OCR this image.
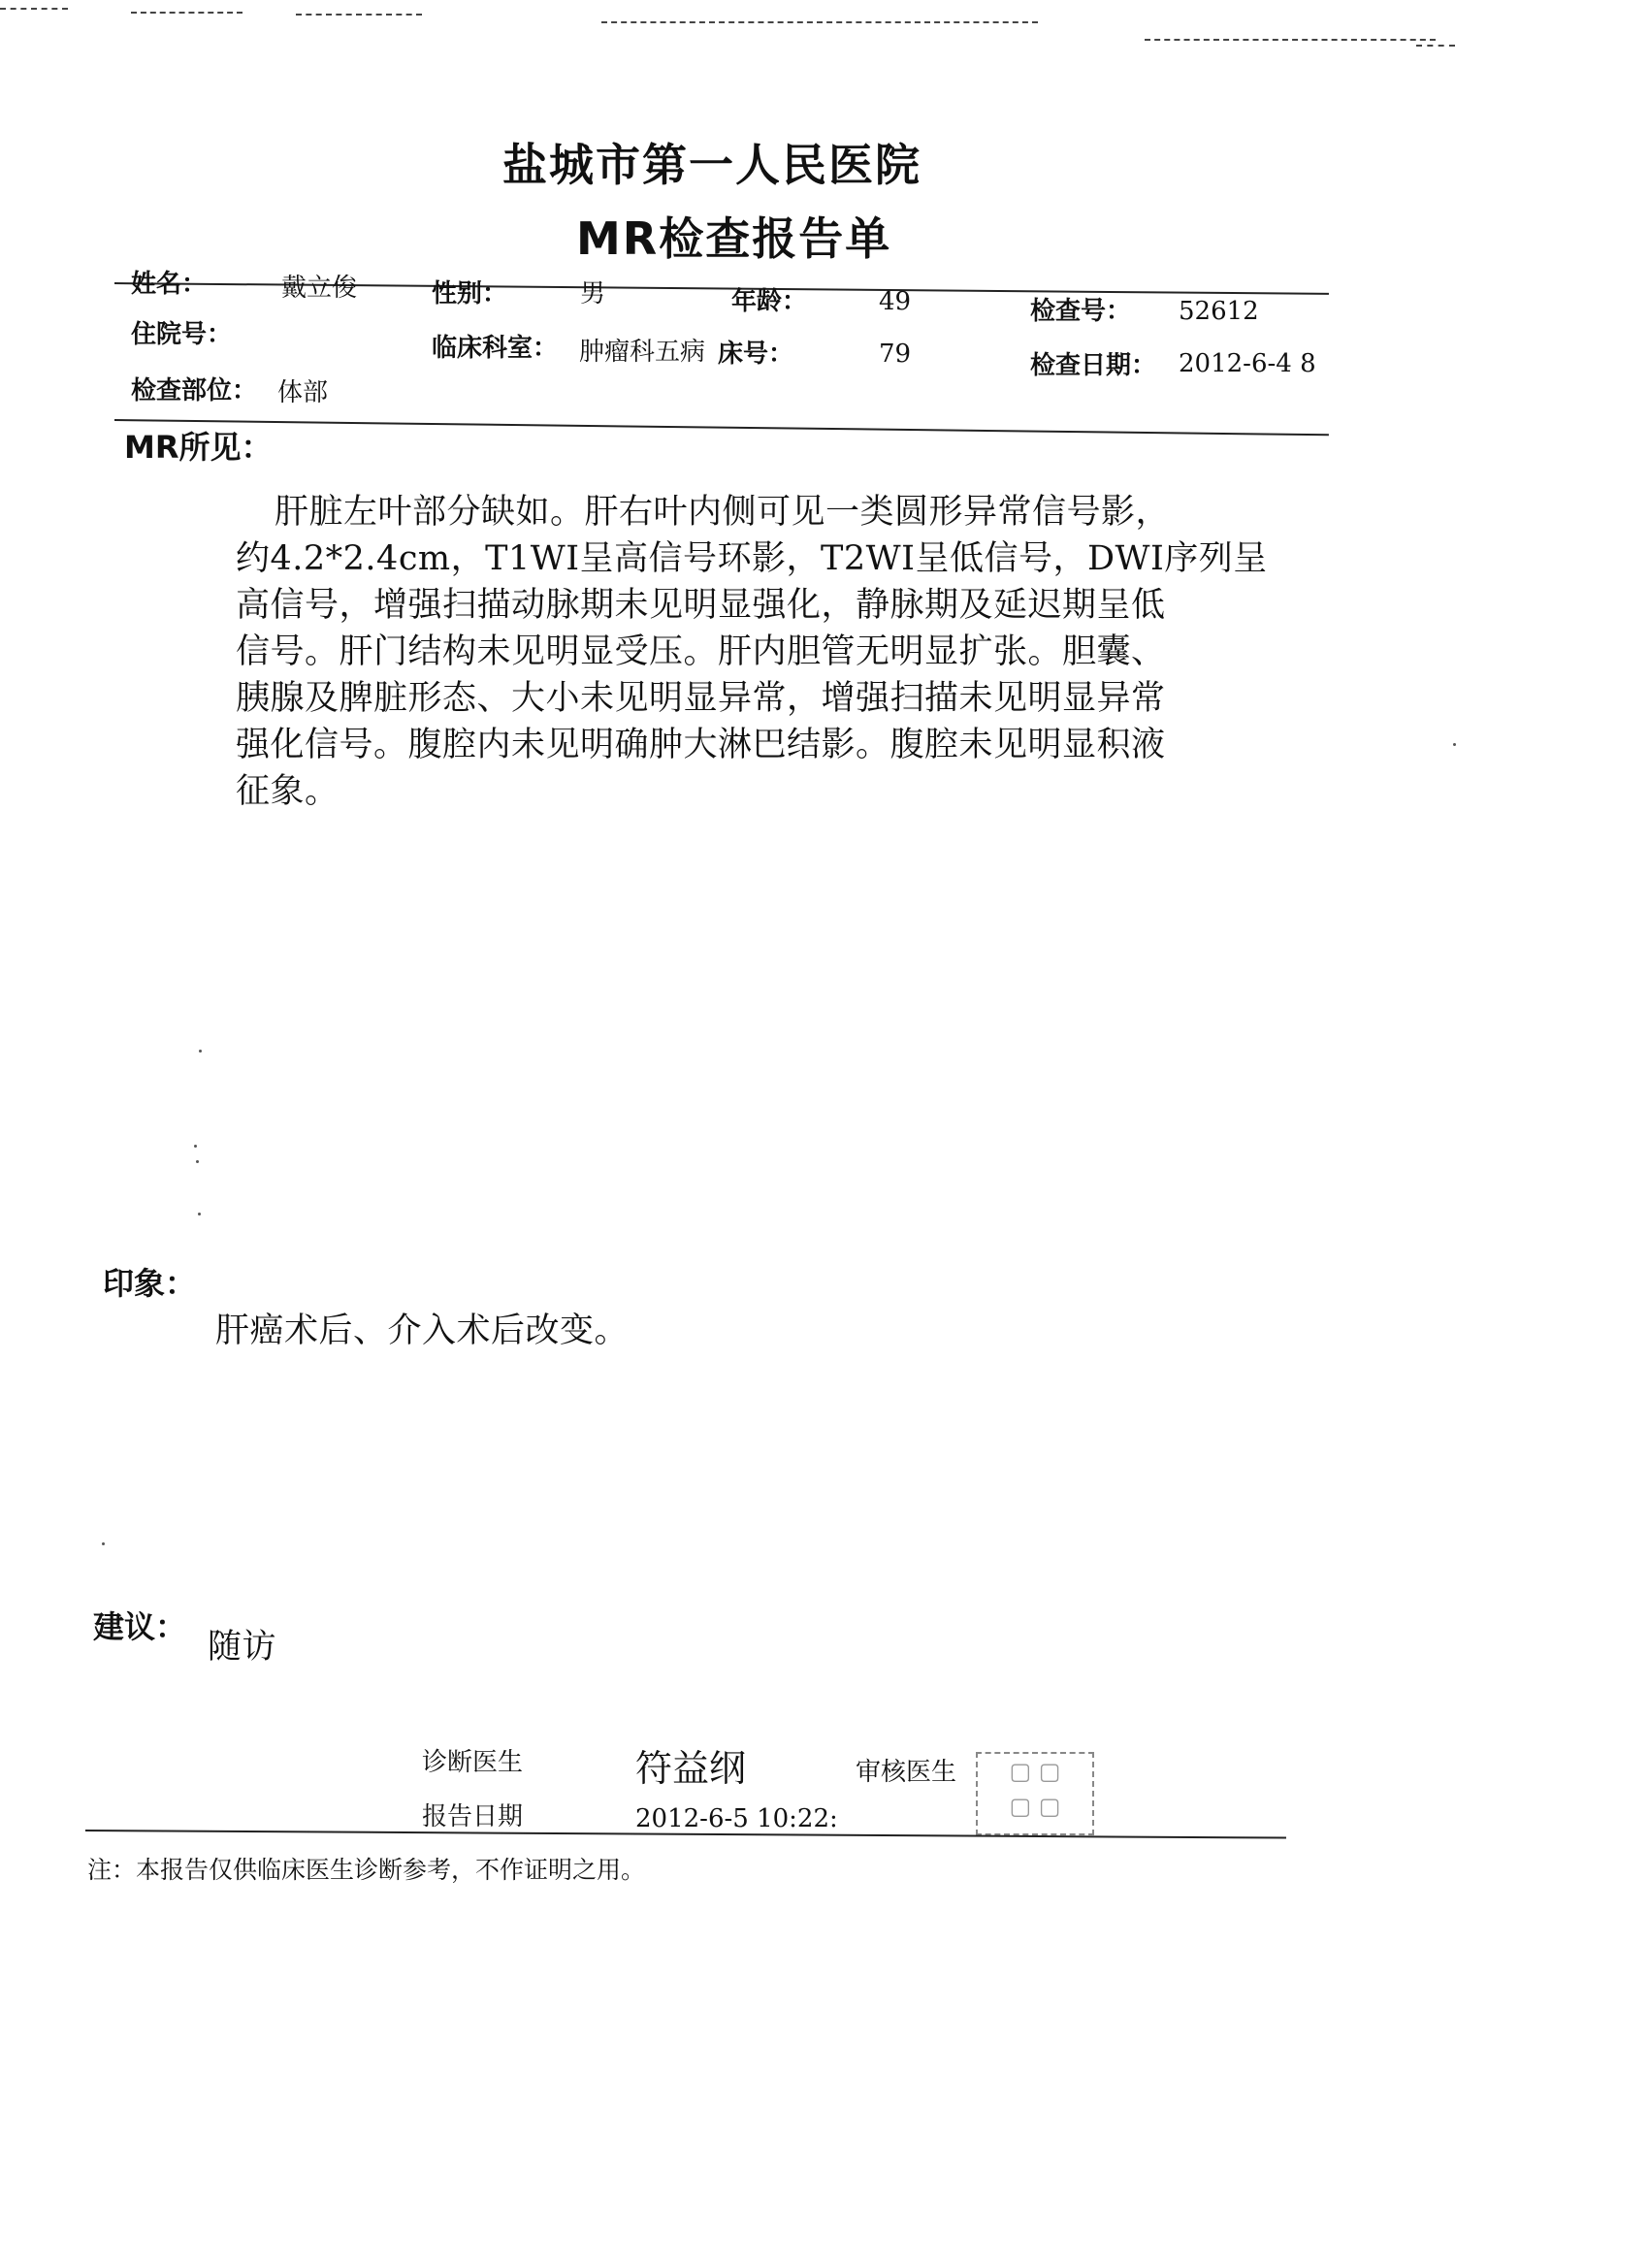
盐城市第一人民医院
MR检查报告单
姓名：	戴立俊	性别：	男	年龄：	49	检查号： 52612
住院号：	临床科室： 肿瘤科五病 床号：	79	检查日期： 2012-6-4 8
检查部位： 体部
MR所见：
肝脏左叶部分缺如。肝右叶内侧可见一类圆形异常信号影，
约4.2*2.4cm，T1WI呈高信号环影，T2WI呈低信号，DWI序列呈
高信号，增强扫描动脉期未见明显强化，静脉期及延迟期呈低
信号。肝门结构未见明显受压。肝内胆管无明显扩张。胆囊、
胰腺及脾脏形态、大小未见明显异常，增强扫描未见明显异常
强化信号。腹腔内未见明确肿大淋巴结影。腹腔未见明显积液
征象。
印象：
肝癌术后、介入术后改变。
建议：
随访
诊断医生	符益纲	审核医生	▢ ▢
▢ ▢
报告日期	2012-6-5 10:22:
注：本报告仅供临床医生诊断参考，不作证明之用。
